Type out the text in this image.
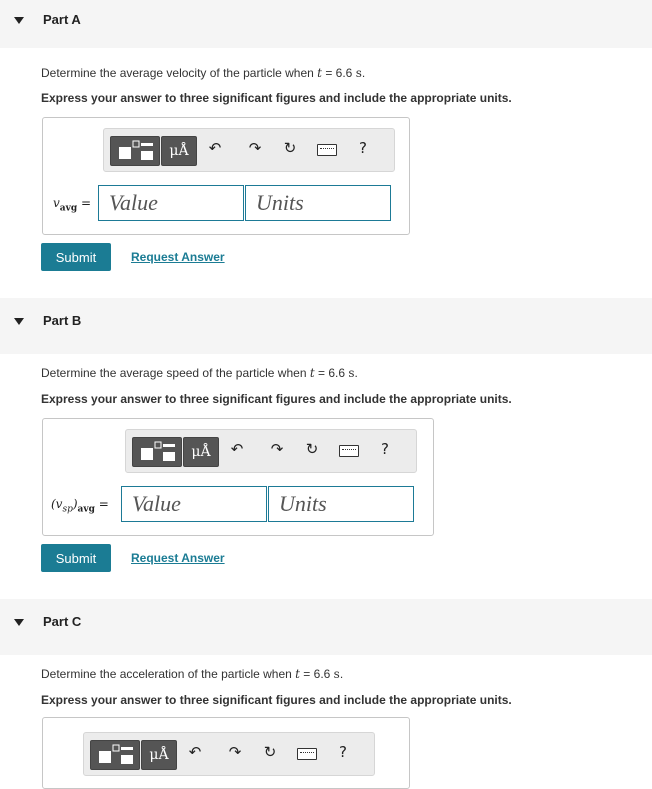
Part A
Determine the average velocity of the particle when t = 6.6 s.
Express your answer to three significant figures and include the appropriate units.
μÅ	↶ ↷ ↻	?
$v_{avg}$ =
Value
Units
Submit	Request Answer
Part B
Determine the average speed of the particle when t = 6.6 s.
Express your answer to three significant figures and include the appropriate units.
μÅ	↶ ↷ ↻	?
$(v_{sp})_{avg}$ =
Value
Units
Submit	Request Answer
Part C
Determine the acceleration of the particle when t = 6.6 s.
Express your answer to three significant figures and include the appropriate units.
μÅ	↶ ↷ ↻	?
